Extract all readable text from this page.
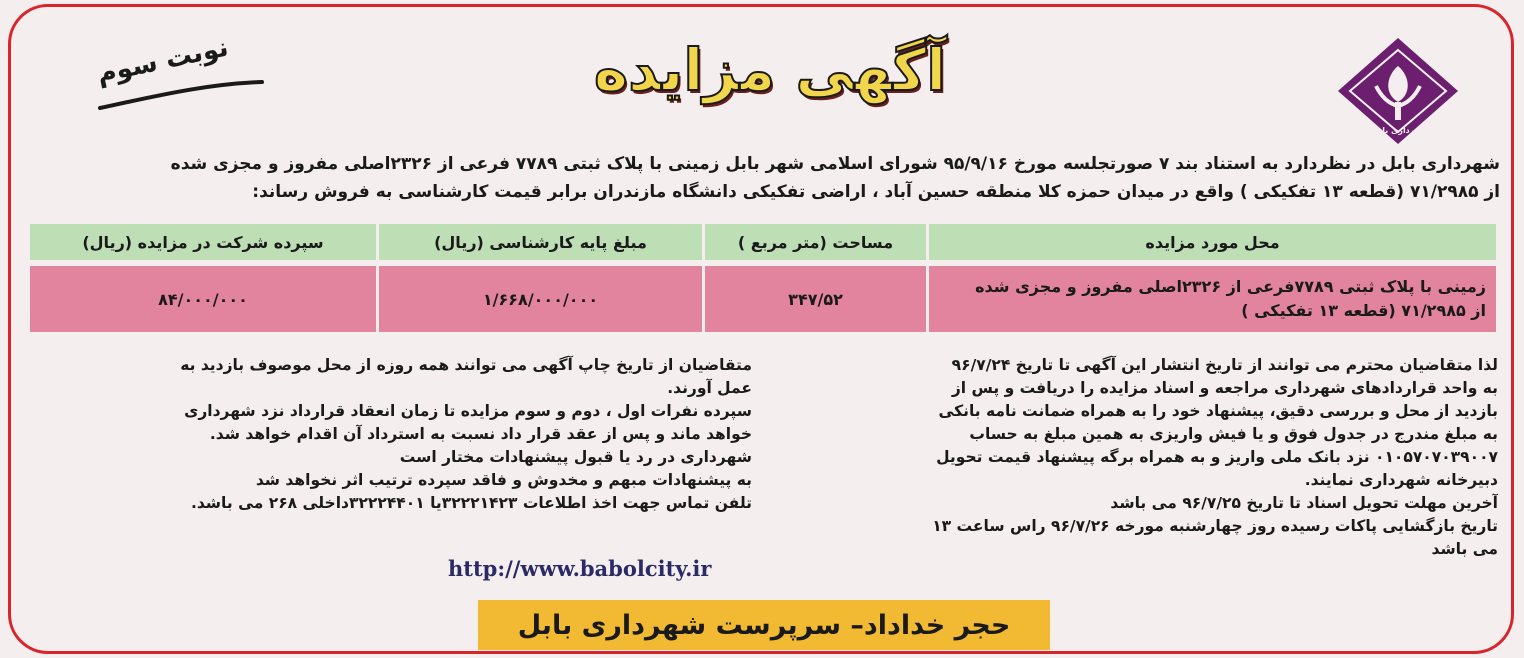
شهرداری بابل
نوبت سوم	آگهی مزایده
شهرداری بابل در نظردارد به استناد بند ۷ صورتجلسه مورخ ۹۵/۹/۱۶ شورای اسلامی شهر بابل زمینی با پلاک ثبتی ۷۷۸۹ فرعی از ۲۳۲۶اصلی مفروز و مجزی شده
از ۷۱/۲۹۸۵ (قطعه ۱۳ تفکیکی ) واقع در میدان حمزه کلا منطقه حسین آباد ، اراضی تفکیکی دانشگاه مازندران برابر قیمت کارشناسی به فروش رساند:
محل مورد مزایده
مساحت (متر مربع )
مبلغ پایه کارشناسی (ریال)
سپرده شرکت در مزایده (ریال)
زمینی با پلاک ثبتی ۷۷۸۹فرعی از ۲۳۲۶اصلی مفروز و مجزی شده
از ۷۱/۲۹۸۵ (قطعه ۱۳ تفکیکی )
۳۴۷/۵۲
۱/۶۶۸/۰۰۰/۰۰۰
۸۴/۰۰۰/۰۰۰
لذا متقاضیان محترم می توانند از تاریخ انتشار این آگهی تا تاریخ ۹۶/۷/۲۴
به واحد قراردادهای شهرداری مراجعه و اسناد مزایده را دریافت و پس از
بازدید از محل و بررسی دقیق، پیشنهاد خود را به همراه ضمانت نامه بانکی
به مبلغ مندرج در جدول فوق و یا فیش واریزی به همین مبلغ به حساب
۰۱۰۵۷۰۷۰۳۹۰۰۷ نزد بانک ملی واریز و به همراه برگه پیشنهاد قیمت تحویل
دبیرخانه شهرداری نمایند.
آخرین مهلت تحویل اسناد تا تاریخ ۹۶/۷/۲۵ می باشد
تاریخ بازگشایی پاکات رسیده روز چهارشنبه مورخه ۹۶/۷/۲۶ راس ساعت ۱۳
می باشد
متقاضیان از تاریخ چاپ آگهی می توانند همه روزه از محل موصوف بازدید به
عمل آورند.
سپرده نفرات اول ، دوم و سوم مزایده تا زمان انعقاد قرارداد نزد شهرداری
خواهد ماند و پس از عقد قرار داد نسبت به استرداد آن اقدام خواهد شد.
شهرداری در رد یا قبول پیشنهادات مختار است
به پیشنهادات مبهم و مخدوش و فاقد سپرده ترتیب اثر نخواهد شد
تلفن تماس جهت اخذ اطلاعات ۳۲۲۲۱۴۲۳یا ۳۲۲۲۴۴۰۱داخلی ۲۶۸ می باشد.
http://www.babolcity.ir
حجر خداداد– سرپرست شهرداری بابل
